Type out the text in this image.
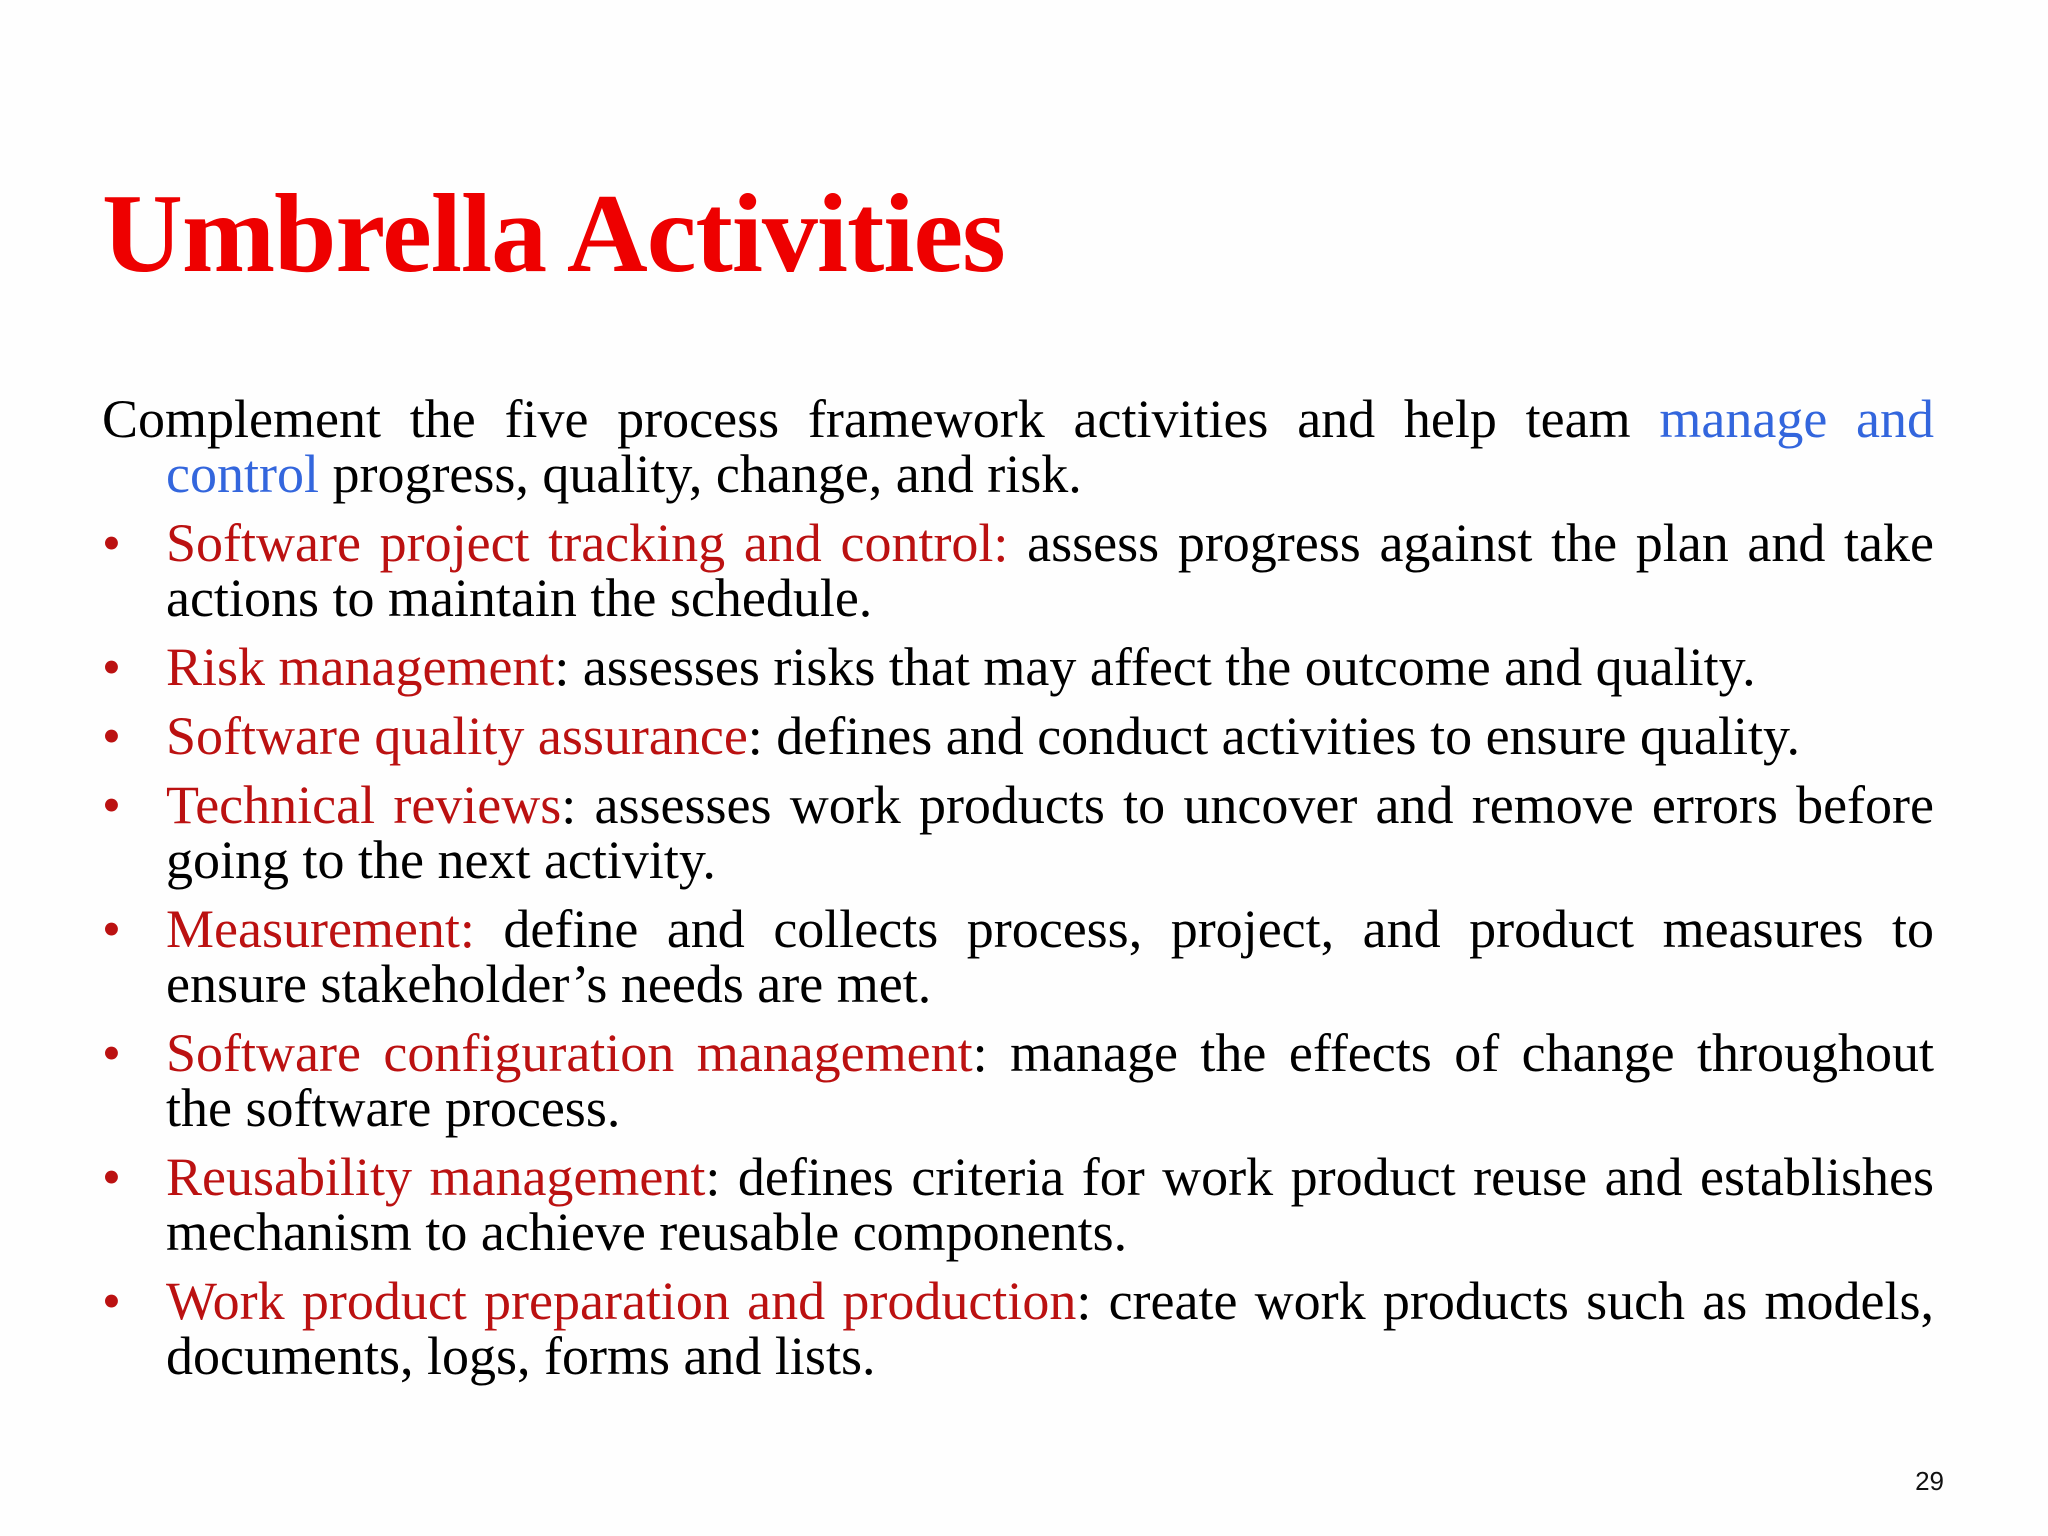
Umbrella Activities

Complement the five process framework activities and help team manage and control progress, quality, change, and risk.

• Software project tracking and control: assess progress against the plan and take actions to maintain the schedule.
• Risk management: assesses risks that may affect the outcome and quality.
• Software quality assurance: defines and conduct activities to ensure quality.
• Technical reviews: assesses work products to uncover and remove errors before going to the next activity.
• Measurement: define and collects process, project, and product measures to ensure stakeholder’s needs are met.
• Software configuration management: manage the effects of change throughout the software process.
• Reusability management: defines criteria for work product reuse and establishes mechanism to achieve reusable components.
• Work product preparation and production: create work products such as models, documents, logs, forms and lists.
29
